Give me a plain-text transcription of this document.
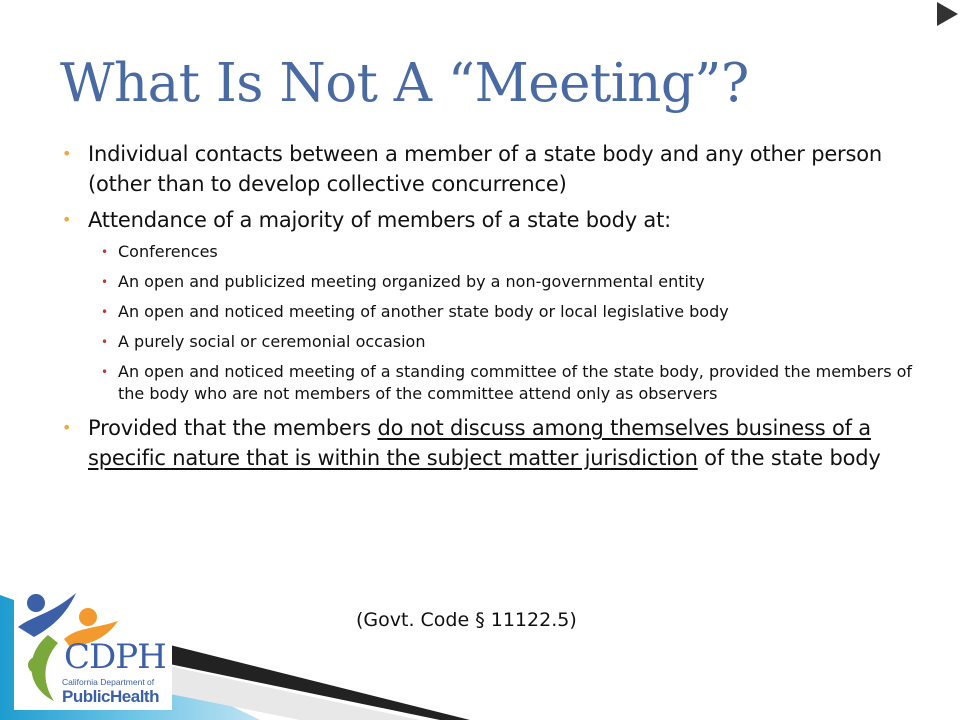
What Is Not A “Meeting”?
• Individual contacts between a member of a state body and any other person (other than to develop collective concurrence)
• Attendance of a majority of members of a state body at:
• Conferences
• An open and publicized meeting organized by a non-governmental entity
• An open and noticed meeting of another state body or local legislative body
• A purely social or ceremonial occasion
• An open and noticed meeting of a standing committee of the state body, provided the members of the body who are not members of the committee attend only as observers
• Provided that the members do not discuss among themselves business of a specific nature that is within the subject matter jurisdiction of the state body
(Govt. Code § 11122.5)
CDPH
California Department of
PublicHealth
